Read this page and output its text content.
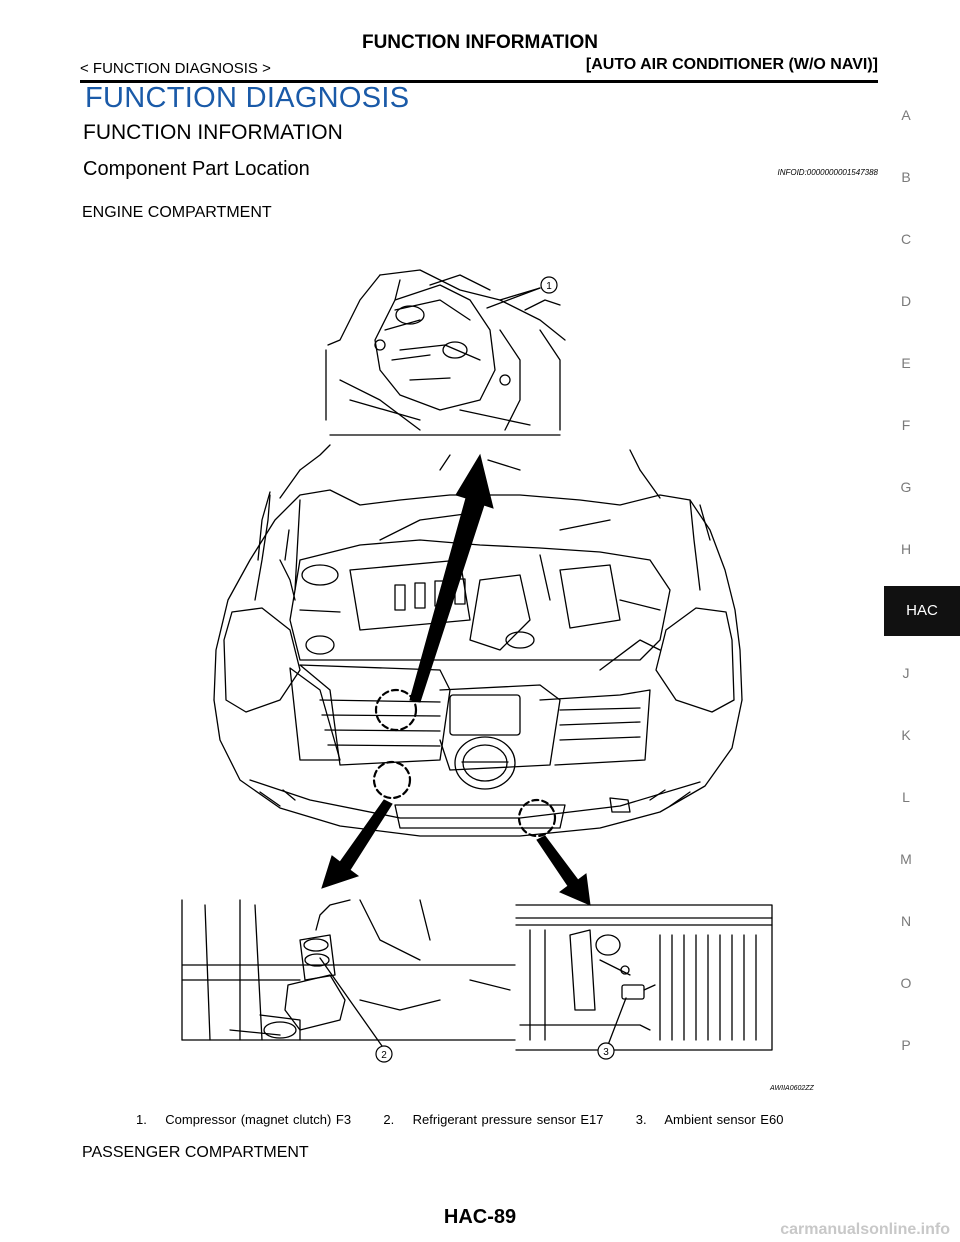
FUNCTION INFORMATION
< FUNCTION DIAGNOSIS >	[AUTO AIR CONDITIONER (W/O NAVI)]
FUNCTION DIAGNOSIS
FUNCTION INFORMATION
Component Part Location	INFOID:0000000001547388
ENGINE COMPARTMENT
1
2	3
AWIIA0602ZZ
1.    Compressor (magnet clutch) F3       2.    Refrigerant pressure sensor E17       3.    Ambient sensor E60
PASSENGER COMPARTMENT
A
B
C
D
E
F
G
H
HAC
J
K
L
M
N
O
P
HAC-89
carmanualsonline.info
